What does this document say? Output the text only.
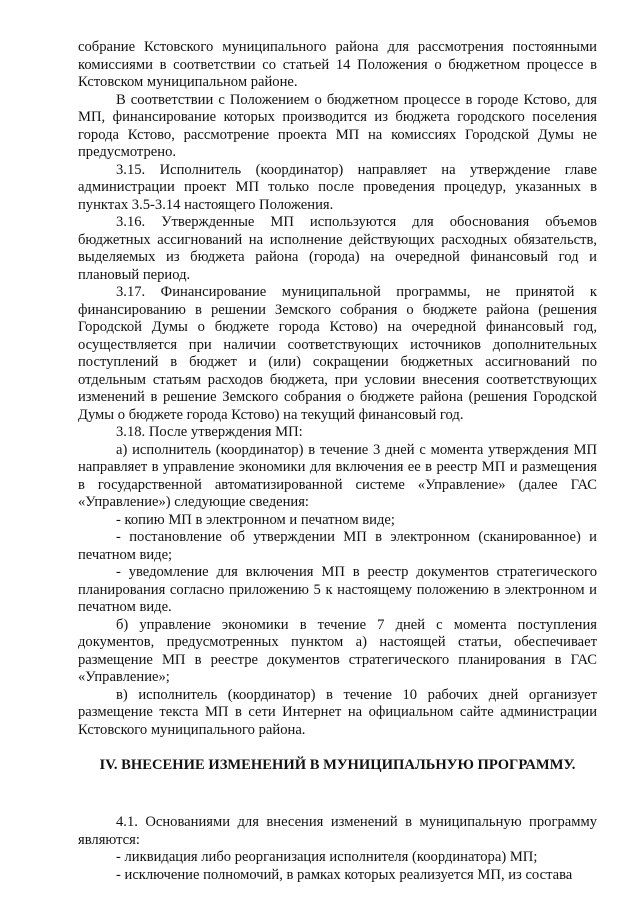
собрание Кстовского муниципального района для рассмотрения постоянными комиссиями в соответствии со статьей 14 Положения о бюджетном процессе в Кстовском муниципальном районе.

В соответствии с Положением о бюджетном процессе в городе Кстово, для МП, финансирование которых производится из бюджета городского поселения города Кстово, рассмотрение проекта МП на комиссиях Городской Думы не предусмотрено.

3.15. Исполнитель (координатор) направляет на утверждение главе администрации проект МП только после проведения процедур, указанных в пунктах 3.5-3.14 настоящего Положения.

3.16. Утвержденные МП используются для обоснования объемов бюджетных ассигнований на исполнение действующих расходных обязательств, выделяемых из бюджета района (города) на очередной финансовый год и плановый период.

3.17. Финансирование муниципальной программы, не принятой к финансированию в решении Земского собрания о бюджете района (решения Городской Думы о бюджете города Кстово) на очередной финансовый год, осуществляется при наличии соответствующих источников дополнительных поступлений в бюджет и (или) сокращении бюджетных ассигнований по отдельным статьям расходов бюджета, при условии внесения соответствующих изменений в решение Земского собрания о бюджете района (решения Городской Думы о бюджете города Кстово) на текущий финансовый год.

3.18. После утверждения МП:

а) исполнитель (координатор) в течение 3 дней с момента утверждения МП направляет в управление экономики для включения ее в реестр МП и размещения в государственной автоматизированной системе «Управление» (далее ГАС «Управление») следующие сведения:

- копию МП в электронном и печатном виде;

- постановление об утверждении МП в электронном (сканированное) и печатном виде;

- уведомление для включения МП в реестр документов стратегического планирования согласно приложению 5 к настоящему положению в электронном и печатном виде.

б) управление экономики в течение 7 дней с момента поступления документов, предусмотренных пунктом а) настоящей статьи, обеспечивает размещение МП в реестре документов стратегического планирования в ГАС «Управление»;

в) исполнитель (координатор) в течение 10 рабочих дней организует размещение текста МП в сети Интернет на официальном сайте администрации Кстовского муниципального района.

IV. ВНЕСЕНИЕ ИЗМЕНЕНИЙ В МУНИЦИПАЛЬНУЮ ПРОГРАММУ.

4.1. Основаниями для внесения изменений в муниципальную программу являются:

- ликвидация либо реорганизация исполнителя (координатора) МП;

- исключение полномочий, в рамках которых реализуется МП, из состава
